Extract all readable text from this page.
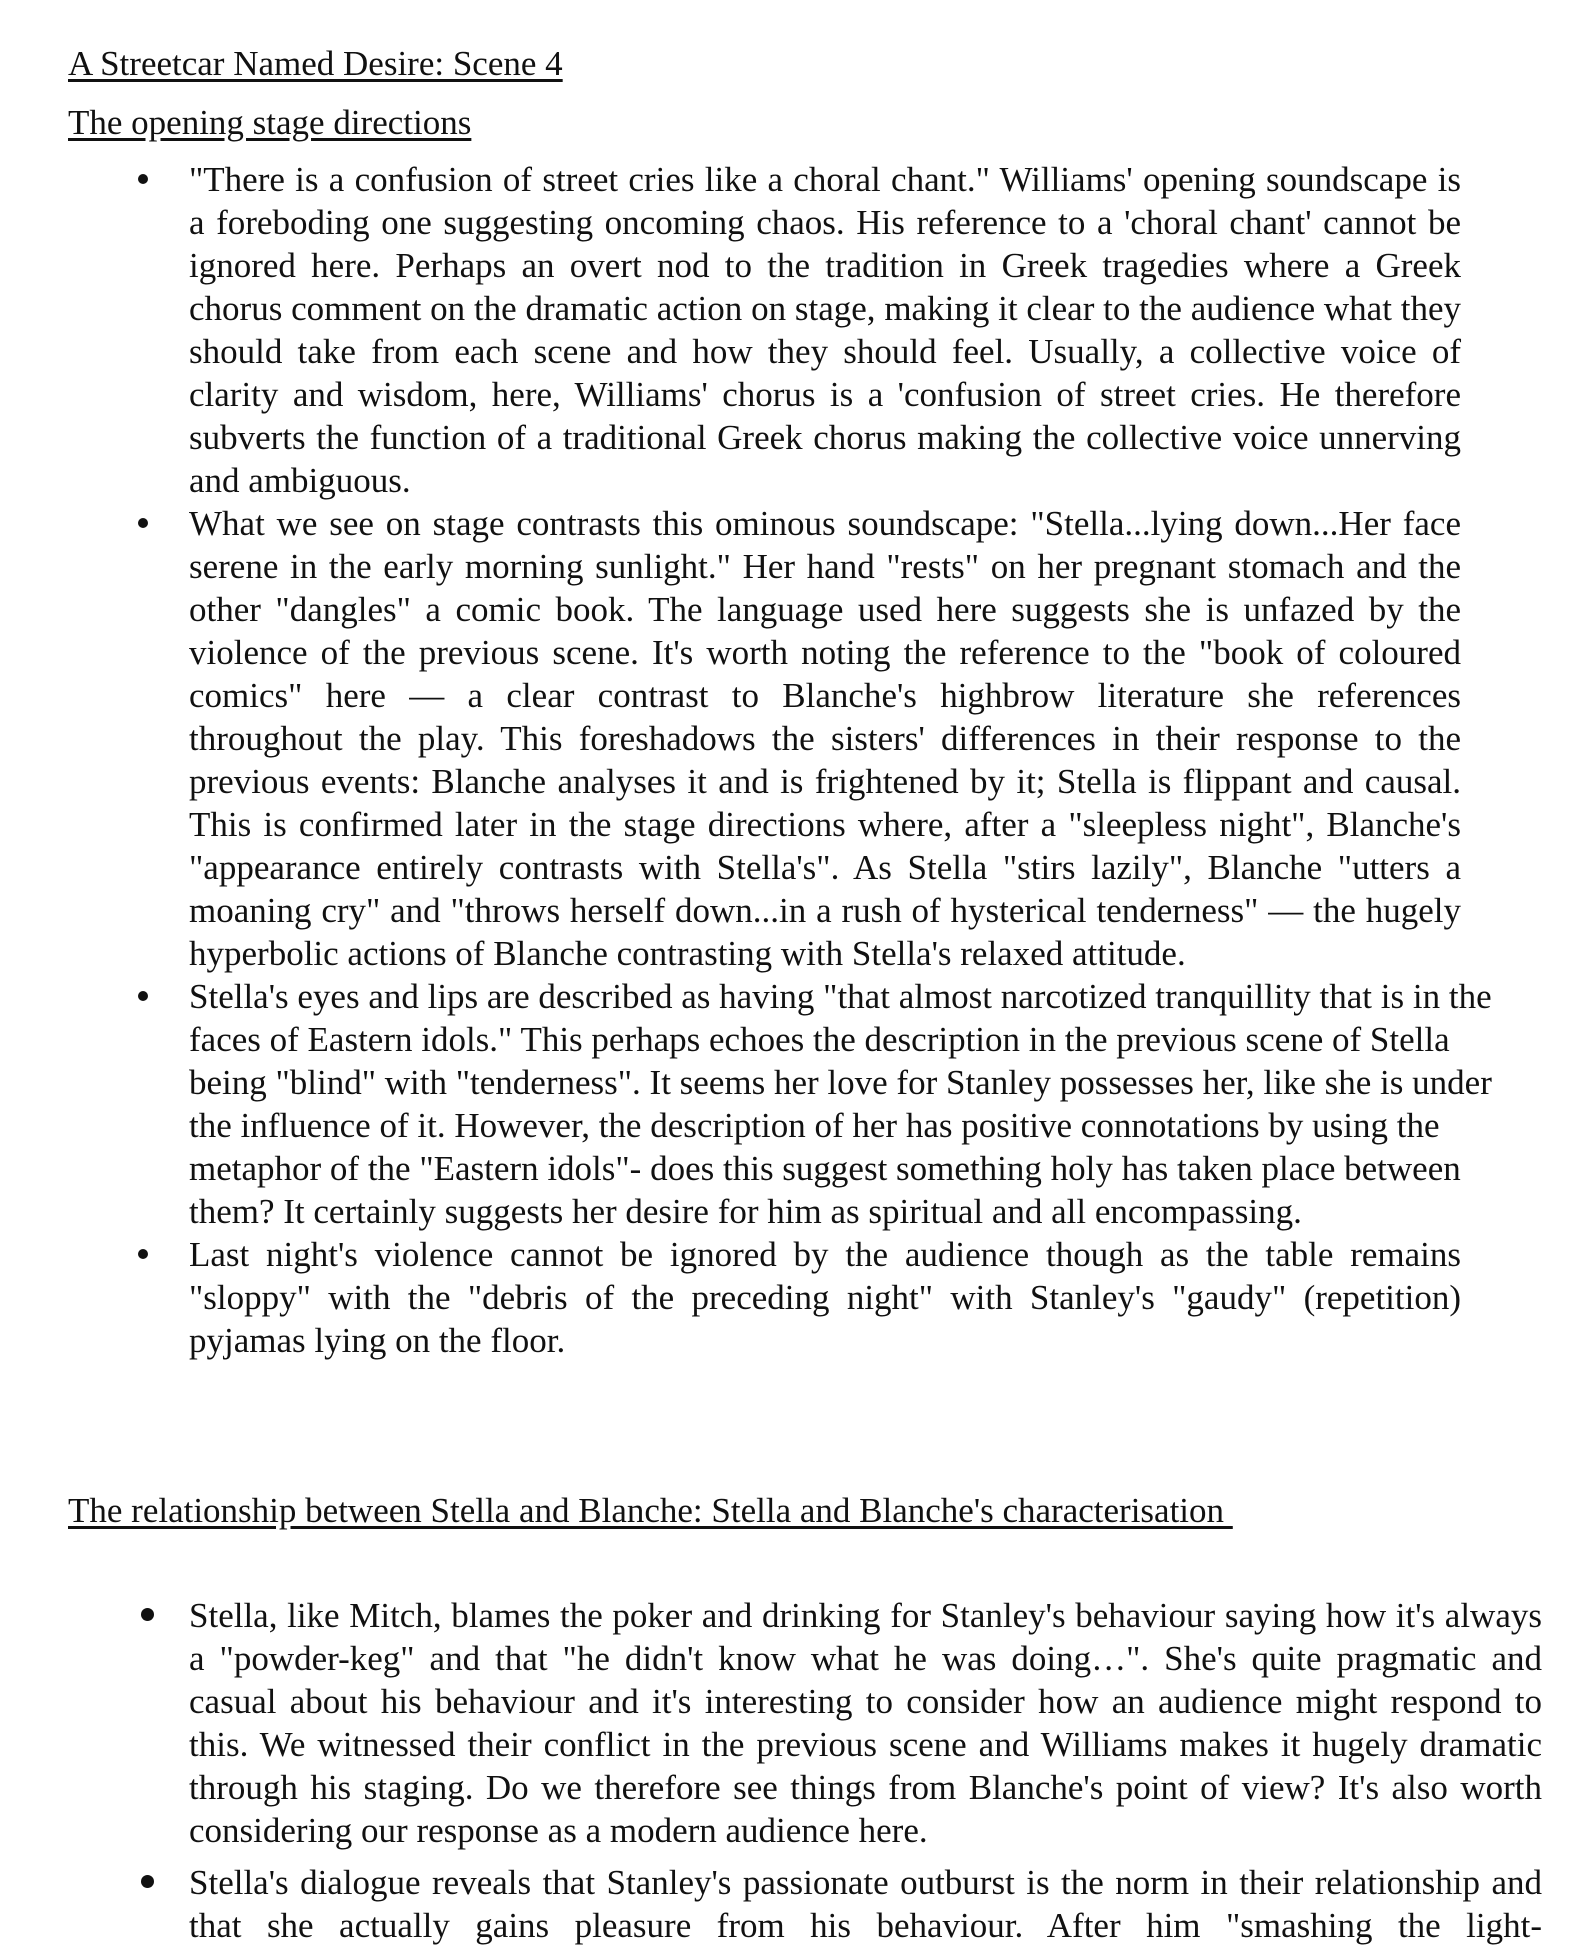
A Streetcar Named Desire: Scene 4
The opening stage directions
"There is a confusion of street cries like a choral chant." Williams' opening soundscape is a foreboding one suggesting oncoming chaos. His reference to a 'choral chant' cannot be ignored here. Perhaps an overt nod to the tradition in Greek tragedies where a Greek chorus comment on the dramatic action on stage, making it clear to the audience what they should take from each scene and how they should feel. Usually, a collective voice of clarity and wisdom, here, Williams' chorus is a 'confusion of street cries. He therefore subverts the function of a traditional Greek chorus making the collective voice unnerving and ambiguous.
What we see on stage contrasts this ominous soundscape: "Stella...lying down...Her face serene in the early morning sunlight." Her hand "rests" on her pregnant stomach and the other "dangles" a comic book. The language used here suggests she is unfazed by the violence of the previous scene. It's worth noting the reference to the "book of coloured comics" here — a clear contrast to Blanche's highbrow literature she references throughout the play. This foreshadows the sisters' differences in their response to the previous events: Blanche analyses it and is frightened by it; Stella is flippant and causal. This is confirmed later in the stage directions where, after a "sleepless night", Blanche's "appearance entirely contrasts with Stella's". As Stella "stirs lazily", Blanche "utters a moaning cry" and "throws herself down...in a rush of hysterical tenderness" — the hugely hyperbolic actions of Blanche contrasting with Stella's relaxed attitude.
Stella's eyes and lips are described as having "that almost narcotized tranquillity that is in the faces of Eastern idols." This perhaps echoes the description in the previous scene of Stella being "blind" with "tenderness". It seems her love for Stanley possesses her, like she is under the influence of it. However, the description of her has positive connotations by using the metaphor of the "Eastern idols"- does this suggest something holy has taken place between them? It certainly suggests her desire for him as spiritual and all encompassing.
Last night's violence cannot be ignored by the audience though as the table remains "sloppy" with the "debris of the preceding night" with Stanley's "gaudy" (repetition) pyjamas lying on the floor.
The relationship between Stella and Blanche: Stella and Blanche's characterisation
Stella, like Mitch, blames the poker and drinking for Stanley's behaviour saying how it's always a "powder-keg" and that "he didn't know what he was doing…". She's quite pragmatic and casual about his behaviour and it's interesting to consider how an audience might respond to this. We witnessed their conflict in the previous scene and Williams makes it hugely dramatic through his staging. Do we therefore see things from Blanche's point of view? It's also worth considering our response as a modern audience here.
Stella's dialogue reveals that Stanley's passionate outburst is the norm in their relationship and that she actually gains pleasure from his behaviour. After him "smashing the light-
